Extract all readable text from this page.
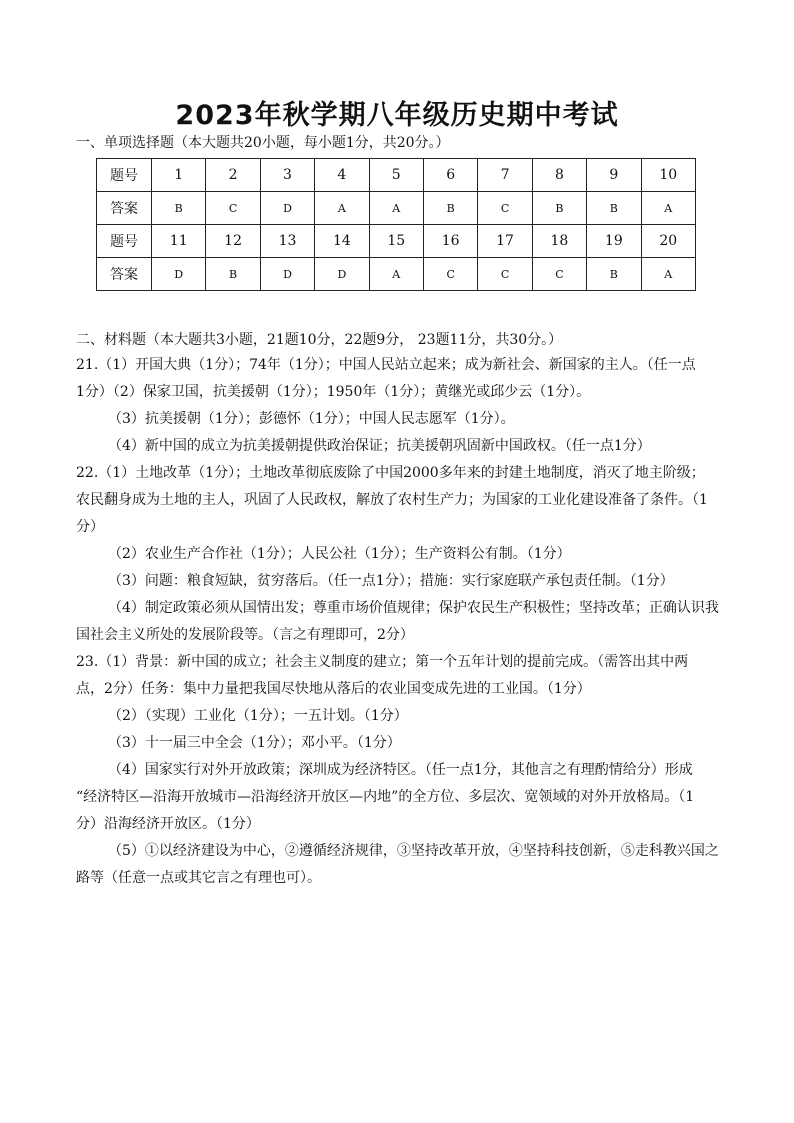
2023年秋学期八年级历史期中考试
一、单项选择题（本大题共20小题，每小题1分，共20分。）
题号	1	2	3	4	5	6	7	8	9	10
答案	B	C	D	A	A	B	C	B	B	A
题号	11	12	13	14	15	16	17	18	19	20
答案	D	B	D	D	A	C	C	C	B	A
二、材料题（本大题共3小题，21题10分，22题9分， 23题11分，共30分。）
21.（1）开国大典（1分）；74年（1分）；中国人民站立起来；成为新社会、新国家的主人。（任一点
1分）（2）保家卫国，抗美援朝（1分）；1950年（1分）；黄继光或邱少云（1分）。
（3）抗美援朝（1分）；彭德怀（1分）；中国人民志愿军（1分）。
（4）新中国的成立为抗美援朝提供政治保证；抗美援朝巩固新中国政权。（任一点1分）
22.（1）土地改革（1分）；土地改革彻底废除了中国2000多年来的封建土地制度，消灭了地主阶级；
农民翻身成为土地的主人，巩固了人民政权，解放了农村生产力；为国家的工业化建设准备了条件。（1
分）
（2）农业生产合作社（1分）；人民公社（1分）；生产资料公有制。（1分）
（3）问题：粮食短缺，贫穷落后。（任一点1分）；措施：实行家庭联产承包责任制。（1分）
（4）制定政策必须从国情出发；尊重市场价值规律；保护农民生产积极性；坚持改革；正确认识我
国社会主义所处的发展阶段等。（言之有理即可，2分）
23.（1）背景：新中国的成立；社会主义制度的建立；第一个五年计划的提前完成。（需答出其中两
点，2分）任务：集中力量把我国尽快地从落后的农业国变成先进的工业国。（1分）
（2）（实现）工业化（1分）；一五计划。（1分）
（3）十一届三中全会（1分）；邓小平。（1分）
（4）国家实行对外开放政策；深圳成为经济特区。（任一点1分，其他言之有理酌情给分）形成
“经济特区—沿海开放城市—沿海经济开放区—内地”的全方位、多层次、宽领域的对外开放格局。（1
分）沿海经济开放区。（1分）
（5）①以经济建设为中心，②遵循经济规律，③坚持改革开放，④坚持科技创新，⑤走科教兴国之
路等（任意一点或其它言之有理也可）。
